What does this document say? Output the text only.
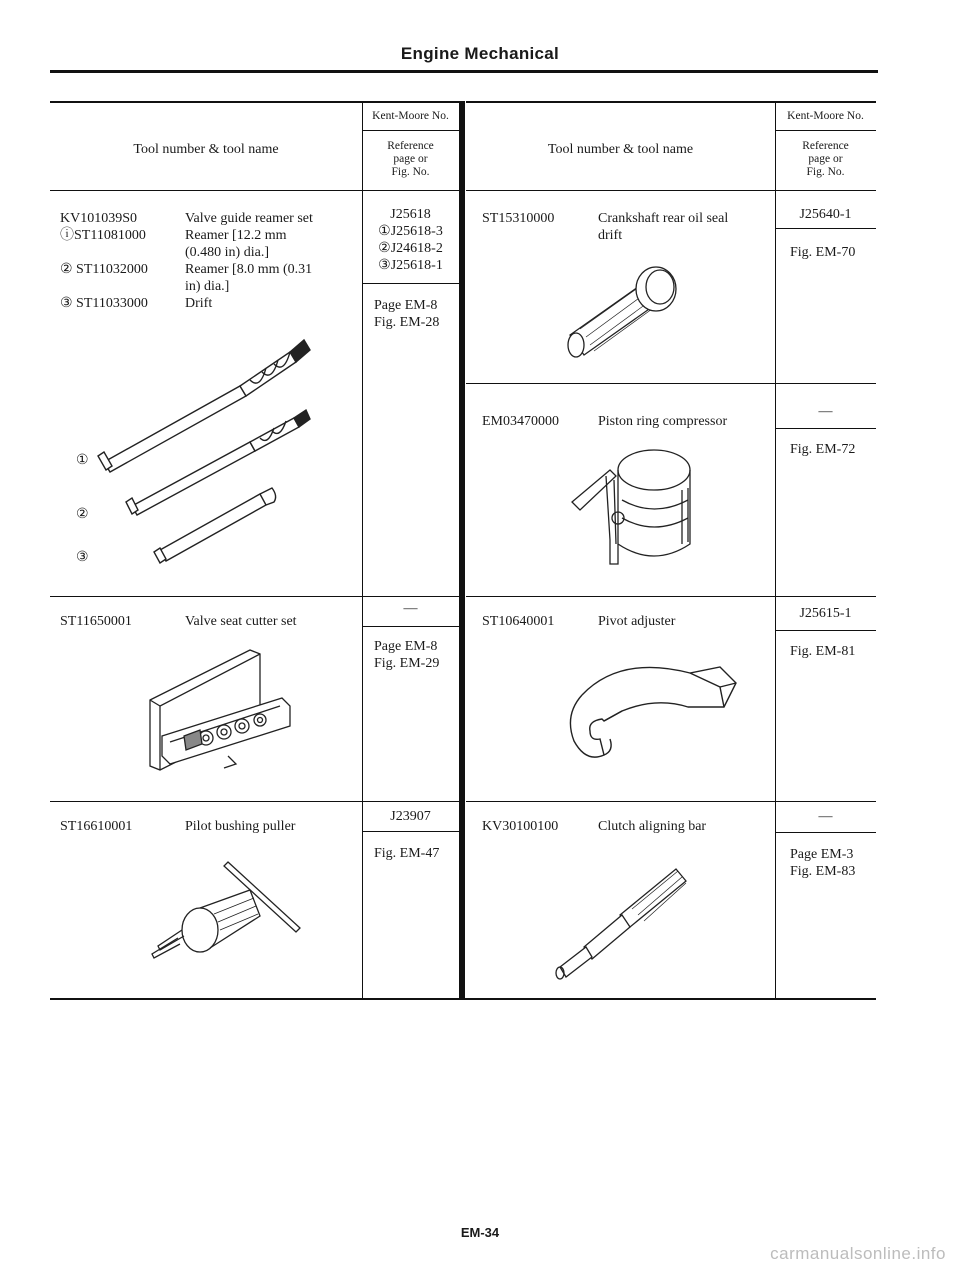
Engine Mechanical
Tool number & tool name
Kent-Moore No.
Reference
page or
Fig. No.
Tool number & tool name
Kent-Moore No.
Reference
page or
Fig. No.
KV101039S0	Valve guide reamer set
ⓘST11081000	Reamer [12.2 mm
(0.480 in) dia.]
② ST11032000	Reamer [8.0 mm (0.31
in) dia.]
③ ST11033000	Drift
①
②
③
J25618
①J25618-3
②J24618-2
③J25618-1
Page EM-8
Fig. EM-28
ST11650001	Valve seat cutter set
—
Page EM-8
Fig. EM-29
ST16610001	Pilot bushing puller
J23907
Fig. EM-47
ST15310000	Crankshaft rear oil seal
drift
J25640-1
Fig. EM-70
EM03470000	Piston ring compressor
—
Fig. EM-72
ST10640001	Pivot adjuster
J25615-1
Fig. EM-81
KV30100100	Clutch aligning bar
—
Page EM-3
Fig. EM-83
EM-34
carmanualsonline.info
